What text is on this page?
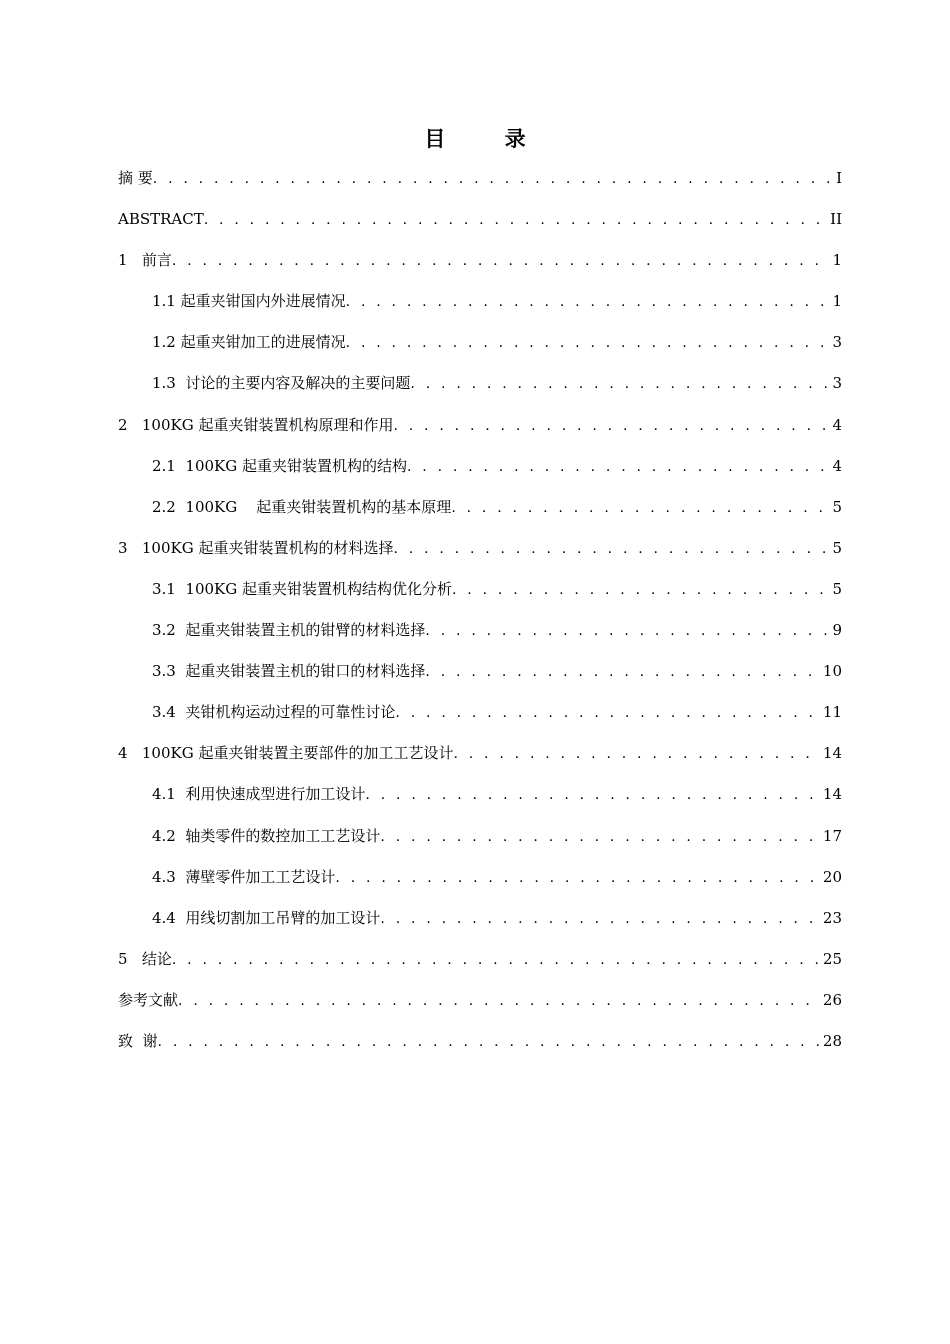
目 录
摘 要 . . .	I
ABSTRACT . . .	II
1 前言 . . .	1
1.1 起重夹钳国内外进展情况 . . .	1
1.2 起重夹钳加工的进展情况 . . .	3
1.3 讨论的主要内容及解决的主要问题 . . .	3
2 100KG 起重夹钳装置机构原理和作用 . . .	4
2.1 100KG 起重夹钳装置机构的结构 . . .	4
2.2 100KG    起重夹钳装置机构的基本原理 . . .	5
3 100KG 起重夹钳装置机构的材料选择 . . .	5
3.1 100KG 起重夹钳装置机构结构优化分析 . . .	5
3.2 起重夹钳装置主机的钳臂的材料选择 . . .	9
3.3 起重夹钳装置主机的钳口的材料选择 . . .	10
3.4 夹钳机构运动过程的可靠性讨论 . . .	11
4 100KG 起重夹钳装置主要部件的加工工艺设计 . . .	14
4.1 利用快速成型进行加工设计 . . .	14
4.2 轴类零件的数控加工工艺设计 . . .	17
4.3 薄壁零件加工工艺设计 . . .	20
4.4 用线切割加工吊臂的加工设计 . . .	23
5 结论 . . .	25
参考文献 . . .	26
致  谢 . . .	28
